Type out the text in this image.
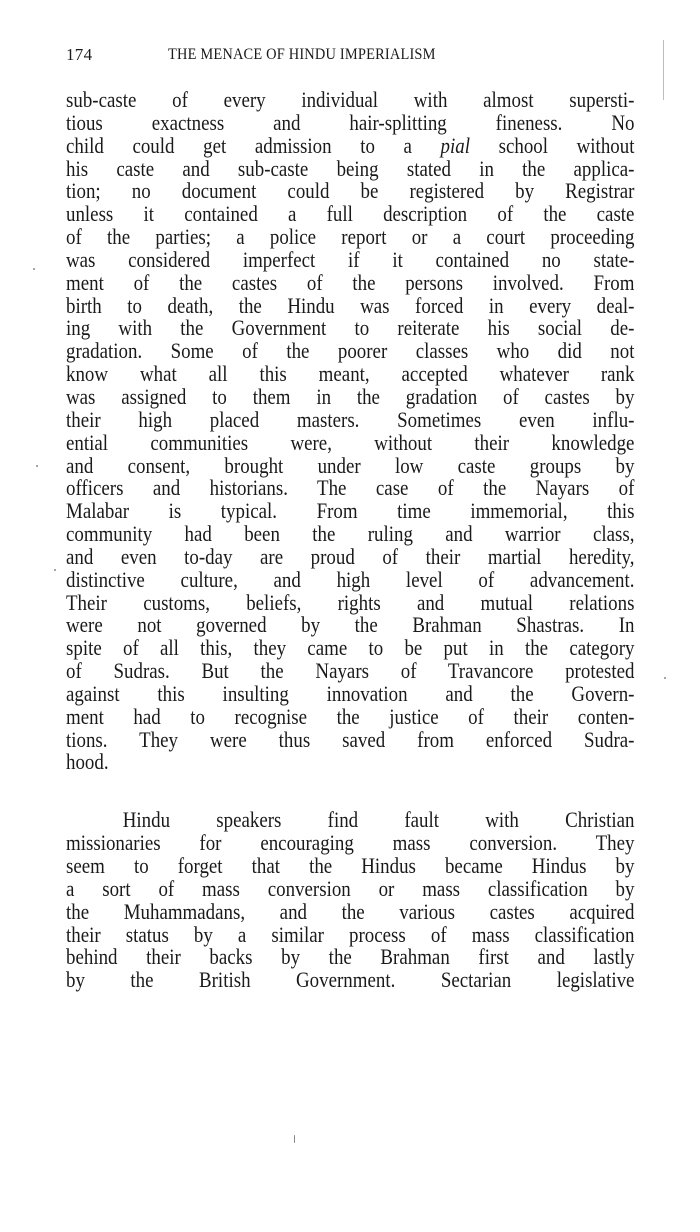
174	THE MENACE OF HINDU IMPERIALISM
sub-caste of every individual with almost supersti-
tious exactness and hair-splitting fineness. No
child could get admission to a pial school without
his caste and sub-caste being stated in the applica-
tion; no document could be registered by Registrar
unless it contained a full description of the caste
of the parties; a police report or a court proceeding
was considered imperfect if it contained no state-
ment of the castes of the persons involved. From
birth to death, the Hindu was forced in every deal-
ing with the Government to reiterate his social de-
gradation. Some of the poorer classes who did not
know what all this meant, accepted whatever rank
was assigned to them in the gradation of castes by
their high placed masters. Sometimes even influ-
ential communities were, without their knowledge
and consent, brought under low caste groups by
officers and historians. The case of the Nayars of
Malabar is typical. From time immemorial, this
community had been the ruling and warrior class,
and even to-day are proud of their martial heredity,
distinctive culture, and high level of advancement.
Their customs, beliefs, rights and mutual relations
were not governed by the Brahman Shastras. In
spite of all this, they came to be put in the category
of Sudras. But the Nayars of Travancore protested
against this insulting innovation and the Govern-
ment had to recognise the justice of their conten-
tions. They were thus saved from enforced Sudra-
hood.
Hindu speakers find fault with Christian
missionaries for encouraging mass conversion. They
seem to forget that the Hindus became Hindus by
a sort of mass conversion or mass classification by
the Muhammadans, and the various castes acquired
their status by a similar process of mass classification
behind their backs by the Brahman first and lastly
by the British Government. Sectarian legislative
